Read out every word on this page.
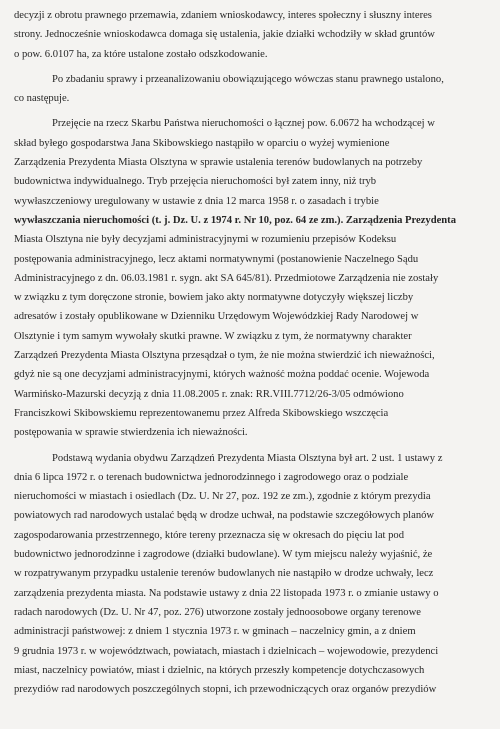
decyzji z obrotu prawnego przemawia, zdaniem wnioskodawcy, interes społeczny i słuszny interes
strony. Jednocześnie wnioskodawca domaga się ustalenia, jakie działki wchodziły w skład gruntów
o pow. 6.0107 ha, za które ustalone zostało odszkodowanie.

Po zbadaniu sprawy i przeanalizowaniu obowiązującego wówczas stanu prawnego ustalono,
co następuje.

Przejęcie na rzecz Skarbu Państwa nieruchomości o łącznej pow. 6.0672 ha wchodzącej w
skład byłego gospodarstwa Jana Skibowskiego nastąpiło w oparciu o wyżej wymienione
Zarządzenia Prezydenta Miasta Olsztyna w sprawie ustalenia terenów budowlanych na potrzeby
budownictwa indywidualnego. Tryb przejęcia nieruchomości był zatem inny, niż tryb
wywłaszczeniowy uregulowany w ustawie z dnia 12 marca 1958 r. o zasadach i trybie
wywłaszczania nieruchomości (t. j. Dz. U. z 1974 r. Nr 10, poz. 64 ze zm.). Zarządzenia Prezydenta
Miasta Olsztyna nie były decyzjami administracyjnymi w rozumieniu przepisów Kodeksu
postępowania administracyjnego, lecz aktami normatywnymi (postanowienie Naczelnego Sądu
Administracyjnego z dn. 06.03.1981 r. sygn. akt SA 645/81). Przedmiotowe Zarządzenia nie zostały
w związku z tym doręczone stronie, bowiem jako akty normatywne dotyczyły większej liczby
adresatów i zostały opublikowane w Dzienniku Urzędowym Wojewódzkiej Rady Narodowej w
Olsztynie i tym samym wywołały skutki prawne. W związku z tym, że normatywny charakter
Zarządzeń Prezydenta Miasta Olsztyna przesądzał o tym, że nie można stwierdzić ich nieważności,
gdyż nie są one decyzjami administracyjnymi, których ważność można poddać ocenie. Wojewoda
Warmińsko-Mazurski decyzją z dnia 11.08.2005 r. znak: RR.VIII.7712/26-3/05 odmówiono
Franciszkowi Skibowskiemu reprezentowanemu przez Alfreda Skibowskiego wszczęcia
postępowania w sprawie stwierdzenia ich nieważności.

Podstawą wydania obydwu Zarządzeń Prezydenta Miasta Olsztyna był art. 2 ust. 1 ustawy z
dnia 6 lipca 1972 r. o terenach budownictwa jednorodzinnego i zagrodowego oraz o podziale
nieruchomości w miastach i osiedlach (Dz. U. Nr 27, poz. 192 ze zm.), zgodnie z którym prezydia
powiatowych rad narodowych ustalać będą w drodze uchwał, na podstawie szczegółowych planów
zagospodarowania przestrzennego, które tereny przeznacza się w okresach do pięciu lat pod
budownictwo jednorodzinne i zagrodowe (działki budowlane). W tym miejscu należy wyjaśnić, że
w rozpatrywanym przypadku ustalenie terenów budowlanych nie nastąpiło w drodze uchwały, lecz
zarządzenia prezydenta miasta. Na podstawie ustawy z dnia 22 listopada 1973 r. o zmianie ustawy o
radach narodowych (Dz. U. Nr 47, poz. 276) utworzone zostały jednoosobowe organy terenowe
administracji państwowej: z dniem 1 stycznia 1973 r. w gminach – naczelnicy gmin, a z dniem
9 grudnia 1973 r. w województwach, powiatach, miastach i dzielnicach – wojewodowie, prezydenci
miast, naczelnicy powiatów, miast i dzielnic, na których przeszły kompetencje dotychczasowych
prezydiów rad narodowych poszczególnych stopni, ich przewodniczących oraz organów prezydiów
